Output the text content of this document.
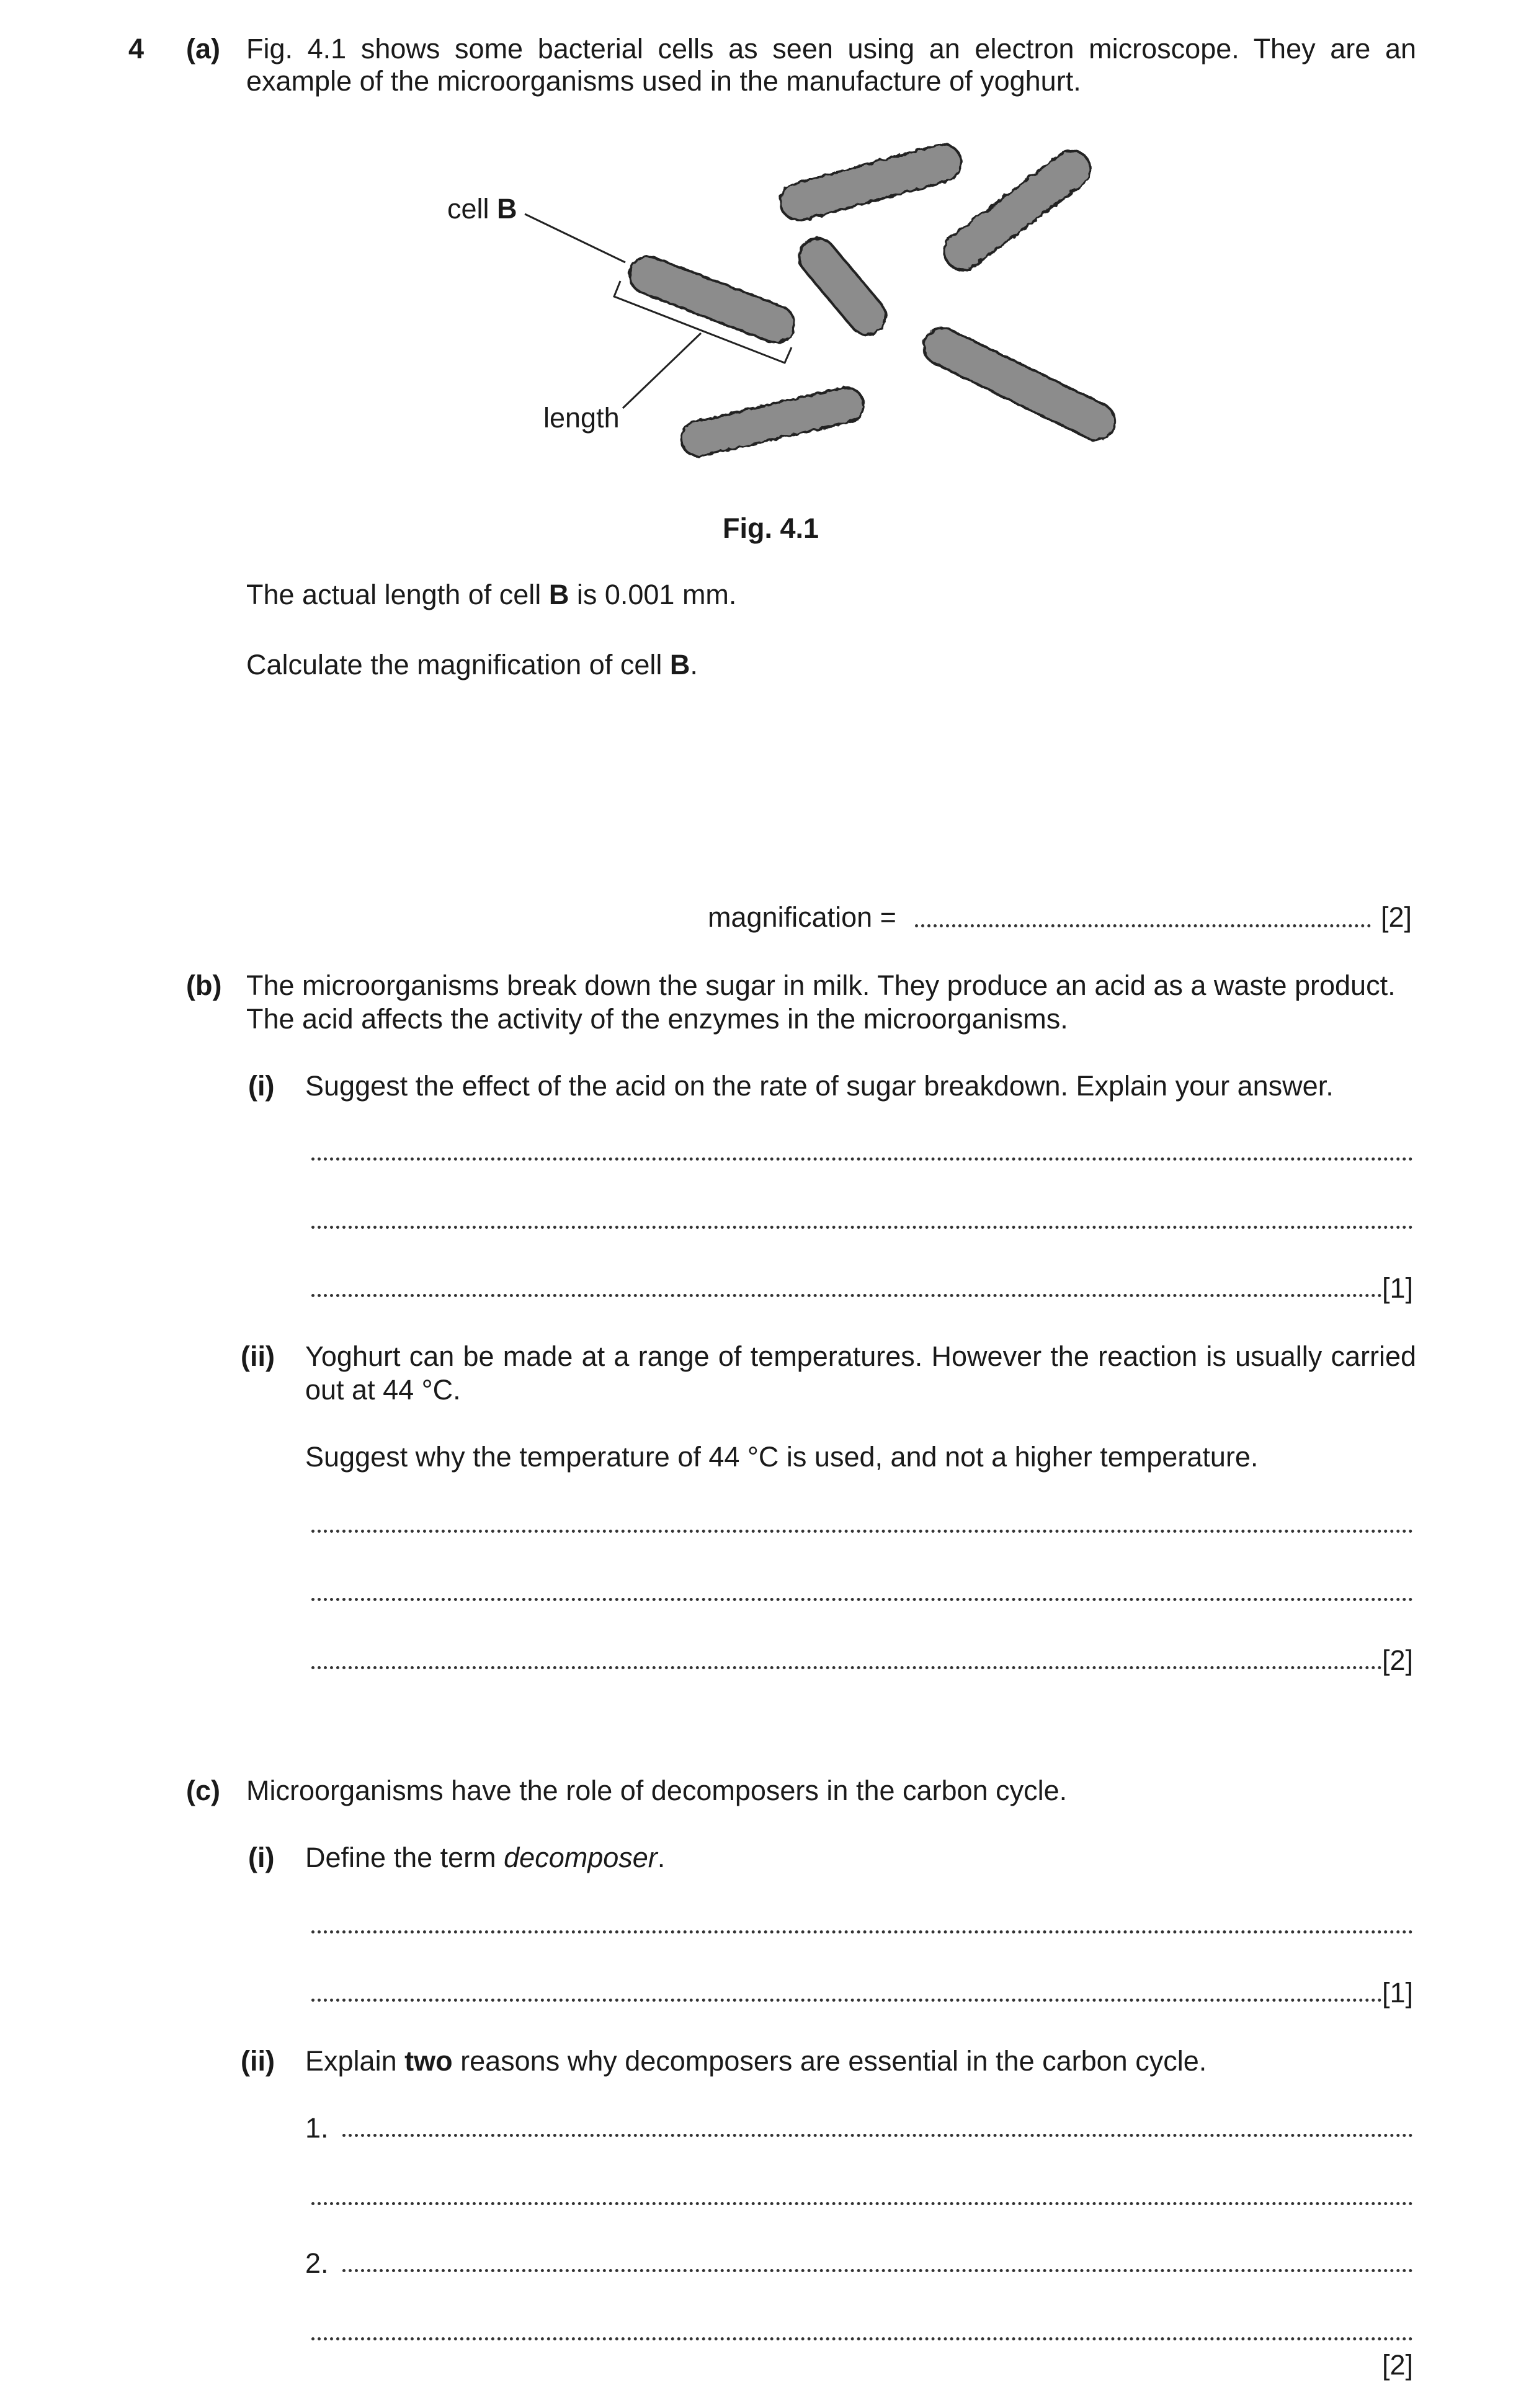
4 (a) Fig. 4.1 shows some bacterial cells as seen using an electron microscope. They are an
example of the microorganisms used in the manufacture of yoghurt.
cell B
length
Fig. 4.1
The actual length of cell B is 0.001 mm.
Calculate the magnification of cell B.
magnification =	[2]
(b) The microorganisms break down the sugar in milk. They produce an acid as a waste product.
The acid affects the activity of the enzymes in the microorganisms.
(i) Suggest the effect of the acid on the rate of sugar breakdown. Explain your answer.
[1]
(ii) Yoghurt can be made at a range of temperatures. However the reaction is usually carried
out at 44 °C.
Suggest why the temperature of 44 °C is used, and not a higher temperature.
[2]
(c) Microorganisms have the role of decomposers in the carbon cycle.
(i) Define the term decomposer.
[1]
(ii) Explain two reasons why decomposers are essential in the carbon cycle.
1.
2.
[2]
